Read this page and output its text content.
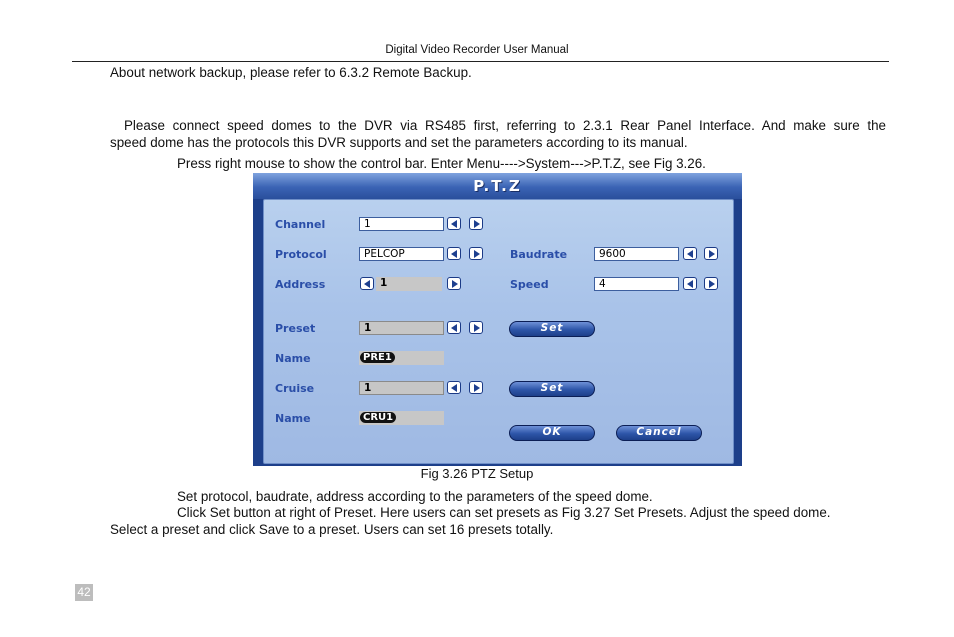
Digital Video Recorder User Manual
About network backup, please refer to 6.3.2 Remote Backup.
Please connect speed domes to the DVR via RS485 first, referring to 2.3.1 Rear Panel Interface. And make sure the
speed dome has the protocols this DVR supports and set the parameters according to its manual.
Press right mouse to show the control bar. Enter Menu---->System--->P.T.Z, see Fig 3.26.
P.T.Z
Channel	1
Protocol	PELCOP	Baudrate	9600
Address	1	Speed	4
Preset	1	Set
Name	PRE1
Cruise	1	Set
Name	CRU1
OK	Cancel
Fig 3.26 PTZ Setup
Set protocol, baudrate, address according to the parameters of the speed dome.
Click Set button at right of Preset. Here users can set presets as Fig 3.27 Set Presets. Adjust the speed dome.
Select a preset and click Save to a preset. Users can set 16 presets totally.
42
